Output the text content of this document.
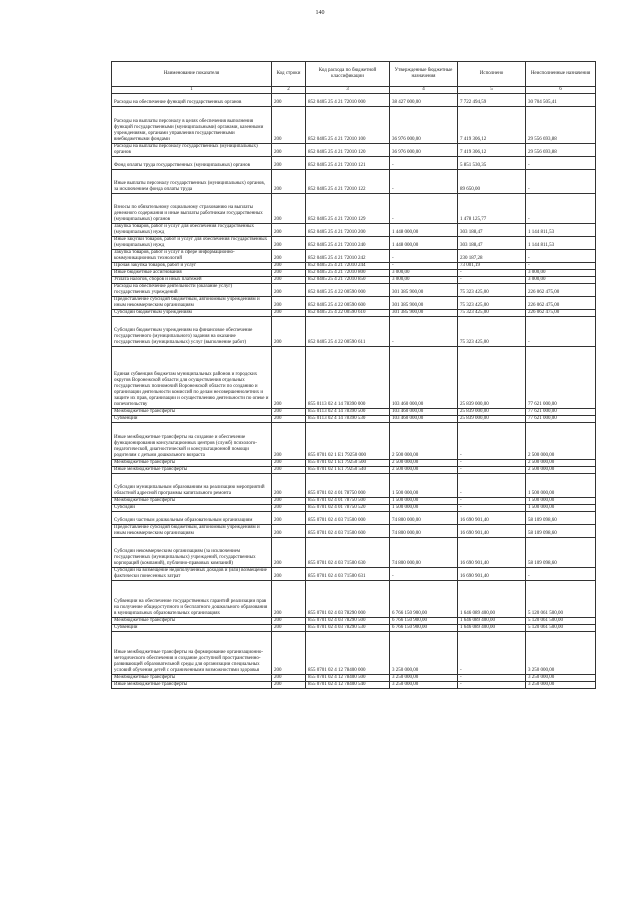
140
Наименование показателя	Код строки	Код расхода по бюджетной классификации	Утвержденные бюджетные назначения	Исполнено	Неисполненные назначения
1	2	3	4	5	6
Расходы на обеспечение функций государственных органов	200	852 0405 25 4 21 72010 000	38 427 000,00	7 722 494,59	30 704 505,41
Расходы на выплаты персоналу в целях обеспечения выполнения функций государственными (муниципальными) органами, казенными учреждениями, органами управления государственными внебюджетными фондами	200	852 0405 25 4 21 72010 100	36 976 000,00	7 419 306,12	29 556 693,88
Расходы на выплаты персоналу государственных (муниципальных) органов	200	852 0405 25 4 21 72010 120	36 976 000,00	7 419 306,12	29 556 693,88
Фонд оплаты труда государственных (муниципальных) органов	200	852 0405 25 4 21 72010 121	-	5 851 530,35	-
Иные выплаты персоналу государственных (муниципальных) органов, за исключением фонда оплаты труда	200	852 0405 25 4 21 72010 122	-	89 650,00	-
Взносы по обязательному социальному страхованию на выплаты денежного содержания и иные выплаты работникам государственных (муниципальных) органов	200	852 0405 25 4 21 72010 129	-	1 478 125,77	-
Закупка товаров, работ и услуг для обеспечения государственных (муниципальных) нужд	200	852 0405 25 4 21 72010 200	1 448 000,00	303 188,47	1 144 811,53
Иные закупки товаров, работ и услуг для обеспечения государственных (муниципальных) нужд	200	852 0405 25 4 21 72010 240	1 448 000,00	303 188,47	1 144 811,53
Закупка товаров, работ и услуг в сфере информационно-коммуникационных технологий	200	852 0405 25 4 21 72010 242	-	230 187,28	-
Прочая закупка товаров, работ и услуг	200	852 0405 25 4 21 72010 244	-	73 001,19	-
Иные бюджетные ассигнования	200	852 0405 25 4 21 72010 800	3 000,00	-	3 000,00
Уплата налогов, сборов и иных платежей	200	852 0405 25 4 21 72010 850	3 000,00	-	3 000,00
Расходы на обеспечение деятельности (оказание услуг) государственных учреждений	200	852 0405 25 4 22 00590 000	301 385 900,00	75 323 425,00	226 062 475,00
Предоставление субсидий бюджетным, автономным учреждениям и иным некоммерческим организациям	200	852 0405 25 4 22 00590 600	301 385 900,00	75 323 425,00	226 062 475,00
Субсидии бюджетным учреждениям	200	852 0405 25 4 22 00590 610	301 385 900,00	75 323 425,00	226 062 475,00
Субсидии бюджетным учреждениям на финансовое обеспечение государственного (муниципального) задания на оказание государственных (муниципальных) услуг (выполнение работ)	200	852 0405 25 4 22 00590 611	-	75 323 425,00	-
Единая субвенция бюджетам муниципальных районов и городских округов Воронежской области для осуществления отдельных государственных полномочий Воронежской области по созданию и организации деятельности комиссий по делам несовершеннолетних и защите их прав, организации и осуществлению деятельности по опеке и попечительству	200	855 0113 02 4 14 78390 000	103 460 000,00	25 839 000,00	77 621 000,00
Межбюджетные трансферты	200	855 0113 02 4 14 78390 500	103 460 000,00	25 839 000,00	77 621 000,00
Субвенции	200	855 0113 02 4 14 78390 530	103 460 000,00	25 839 000,00	77 621 000,00
Иные межбюджетные трансферты на создание и обеспечение функционирования консультационных центров (служб) психолого-педагогической, диагностической и консультационной помощи родителям с детьми дошкольного возраста	200	855 0701 02 1 E1 79250 000	2 500 000,00	-	2 500 000,00
Межбюджетные трансферты	200	855 0701 02 1 E1 79250 500	2 500 000,00	-	2 500 000,00
Иные межбюджетные трансферты	200	855 0701 02 1 E1 79250 540	2 500 000,00	-	2 500 000,00
Субсидии муниципальным образованиям на реализацию мероприятий областной адресной программы капитального ремонта	200	855 0701 02 4 01 78750 000	1 500 000,00	-	1 500 000,00
Межбюджетные трансферты	200	855 0701 02 4 01 78750 500	1 500 000,00	-	1 500 000,00
Субсидии	200	855 0701 02 4 01 78750 520	1 500 000,00	-	1 500 000,00
Субсидии частным дошкольным образовательным организациям	200	855 0701 02 4 03 71500 000	74 800 000,00	16 690 901,40	58 109 098,60
Предоставление субсидий бюджетным, автономным учреждениям и иным некоммерческим организациям	200	855 0701 02 4 03 71500 600	74 800 000,00	16 690 901,40	58 109 098,60
Субсидии некоммерческим организациям (за исключением государственных (муниципальных) учреждений, государственных корпораций (компаний), публично-правовых компаний)	200	855 0701 02 4 03 71500 630	74 800 000,00	16 690 901,40	58 109 098,60
Субсидии на возмещение недополученных доходов и (или) возмещение фактически понесенных затрат	200	855 0701 02 4 03 71500 631	-	16 690 901,40	-
Субвенции на обеспечение государственных гарантий реализации прав на получение общедоступного и бесплатного дошкольного образования в муниципальных образовательных организациях	200	855 0701 02 4 03 78290 000	6 766 150 900,00	1 646 089 400,00	5 120 061 500,00
Межбюджетные трансферты	200	855 0701 02 4 03 78290 500	6 766 150 900,00	1 646 089 400,00	5 120 061 500,00
Субвенции	200	855 0701 02 4 03 78290 530	6 766 150 900,00	1 646 089 400,00	5 120 061 500,00
Иные межбюджетные трансферты на формирование организационно-методического обеспечения и создание доступной пространственно-развивающей образовательной среды для организации специальных условий обучения детей с ограниченными возможностями здоровья	200	855 0701 02 4 12 78400 000	3 250 000,00	-	3 250 000,00
Межбюджетные трансферты	200	855 0701 02 4 12 78400 500	3 250 000,00	-	3 250 000,00
Иные межбюджетные трансферты	200	855 0701 02 4 12 78400 540	3 250 000,00	-	3 250 000,00
